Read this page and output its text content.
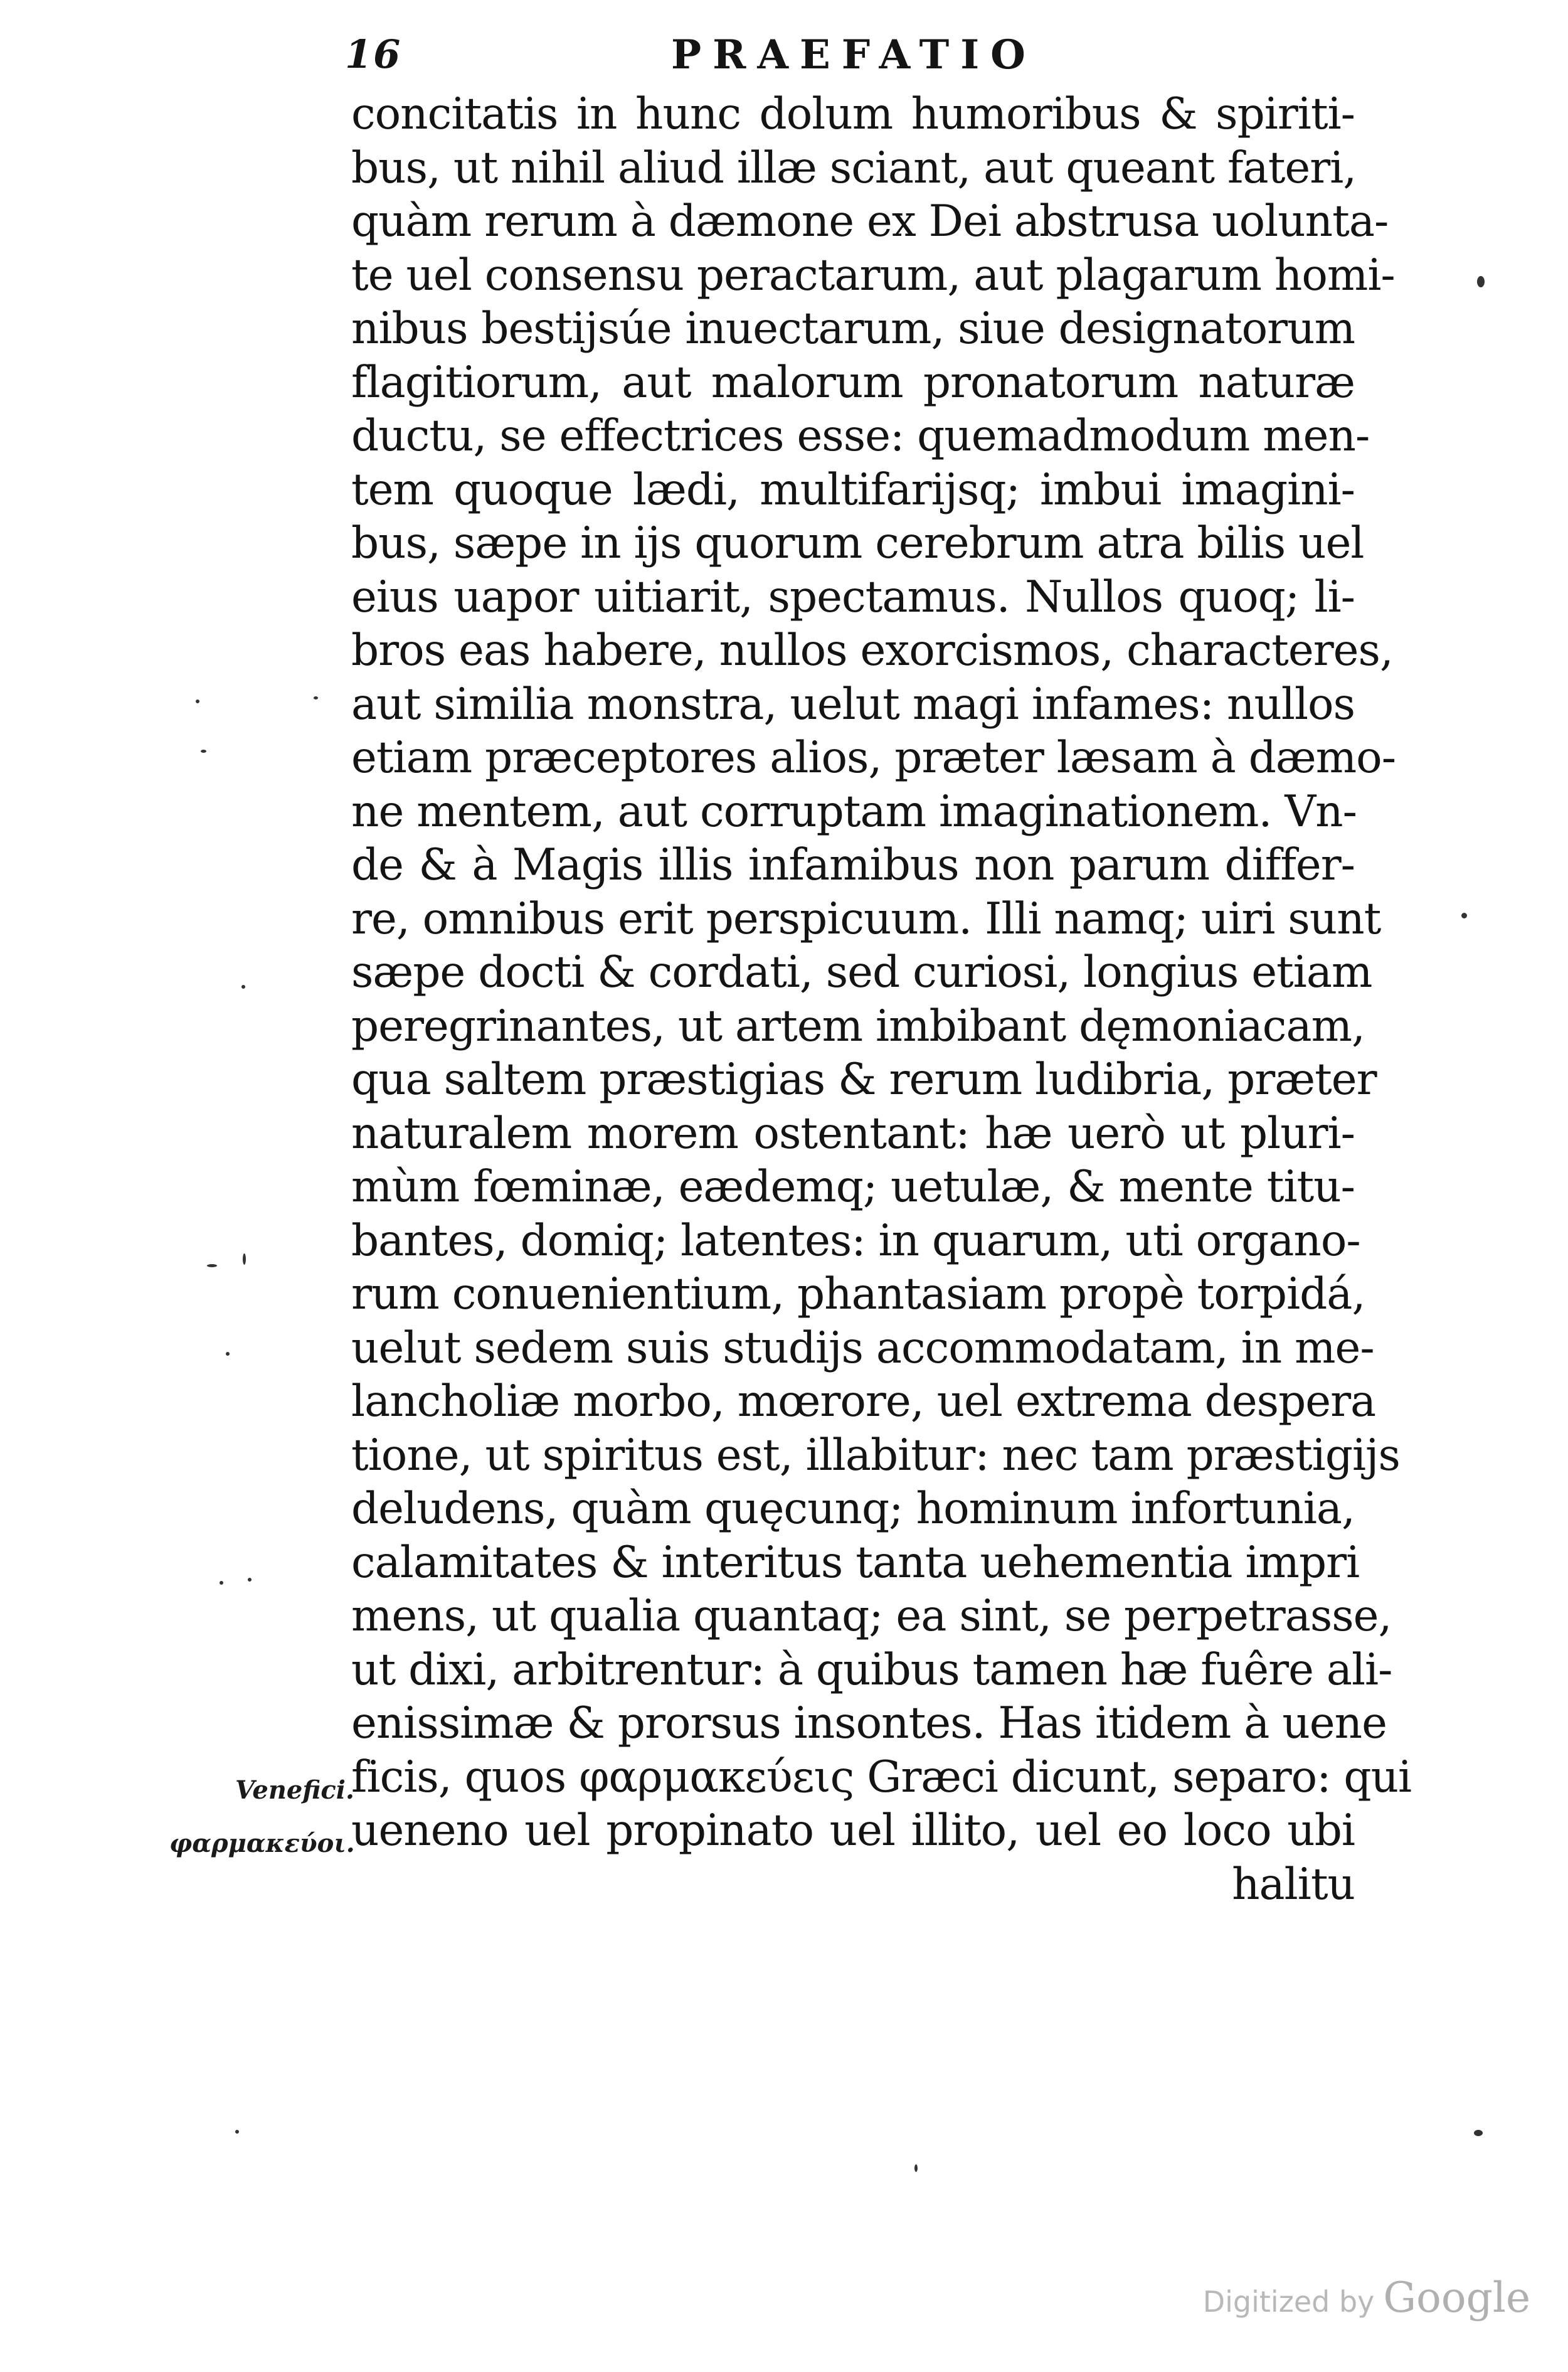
16	PRAEFATIO
concitatis in hunc dolum humoribus & spiriti-
bus, ut nihil aliud illæ sciant, aut queant fateri,
quàm rerum à dæmone ex Dei abstrusa uolunta-
te uel consensu peractarum, aut plagarum homi-
nibus bestijsúe inuectarum, siue designatorum
flagitiorum, aut malorum pronatorum naturæ
ductu, se effectrices esse: quemadmodum men-
tem quoque lædi, multifarijsq; imbui imagini-
bus, sæpe in ijs quorum cerebrum atra bilis uel
eius uapor uitiarit, spectamus. Nullos quoq; li-
bros eas habere, nullos exorcismos, characteres,
aut similia monstra, uelut magi infames: nullos
etiam præceptores alios, præter læsam à dæmo-
ne mentem, aut corruptam imaginationem. Vn-
de & à Magis illis infamibus non parum differ-
re, omnibus erit perspicuum. Illi namq; uiri sunt
sæpe docti & cordati, sed curiosi, longius etiam
peregrinantes, ut artem imbibant dęmoniacam,
qua saltem præstigias & rerum ludibria, præter
naturalem morem ostentant: hæ uerò ut pluri-
mùm fœminæ, eædemq; uetulæ, & mente titu-
bantes, domiq; latentes: in quarum, uti organo-
rum conuenientium, phantasiam propè torpidá,
uelut sedem suis studijs accommodatam, in me-
lancholiæ morbo, mœrore, uel extrema despera
tione, ut spiritus est, illabitur: nec tam præstigijs
deludens, quàm quęcunq; hominum infortunia,
calamitates & interitus tanta uehementia impri
mens, ut qualia quantaq; ea sint, se perpetrasse,
ut dixi, arbitrentur: à quibus tamen hæ fuêre ali-
enissimæ & prorsus insontes. Has itidem à uene
ficis, quos φαρμακεύεις Græci dicunt, separo: qui
ueneno uel propinato uel illito, uel eo loco ubi
halitu
Venefici.
φαρμακεύοι.
Digitized by Google
